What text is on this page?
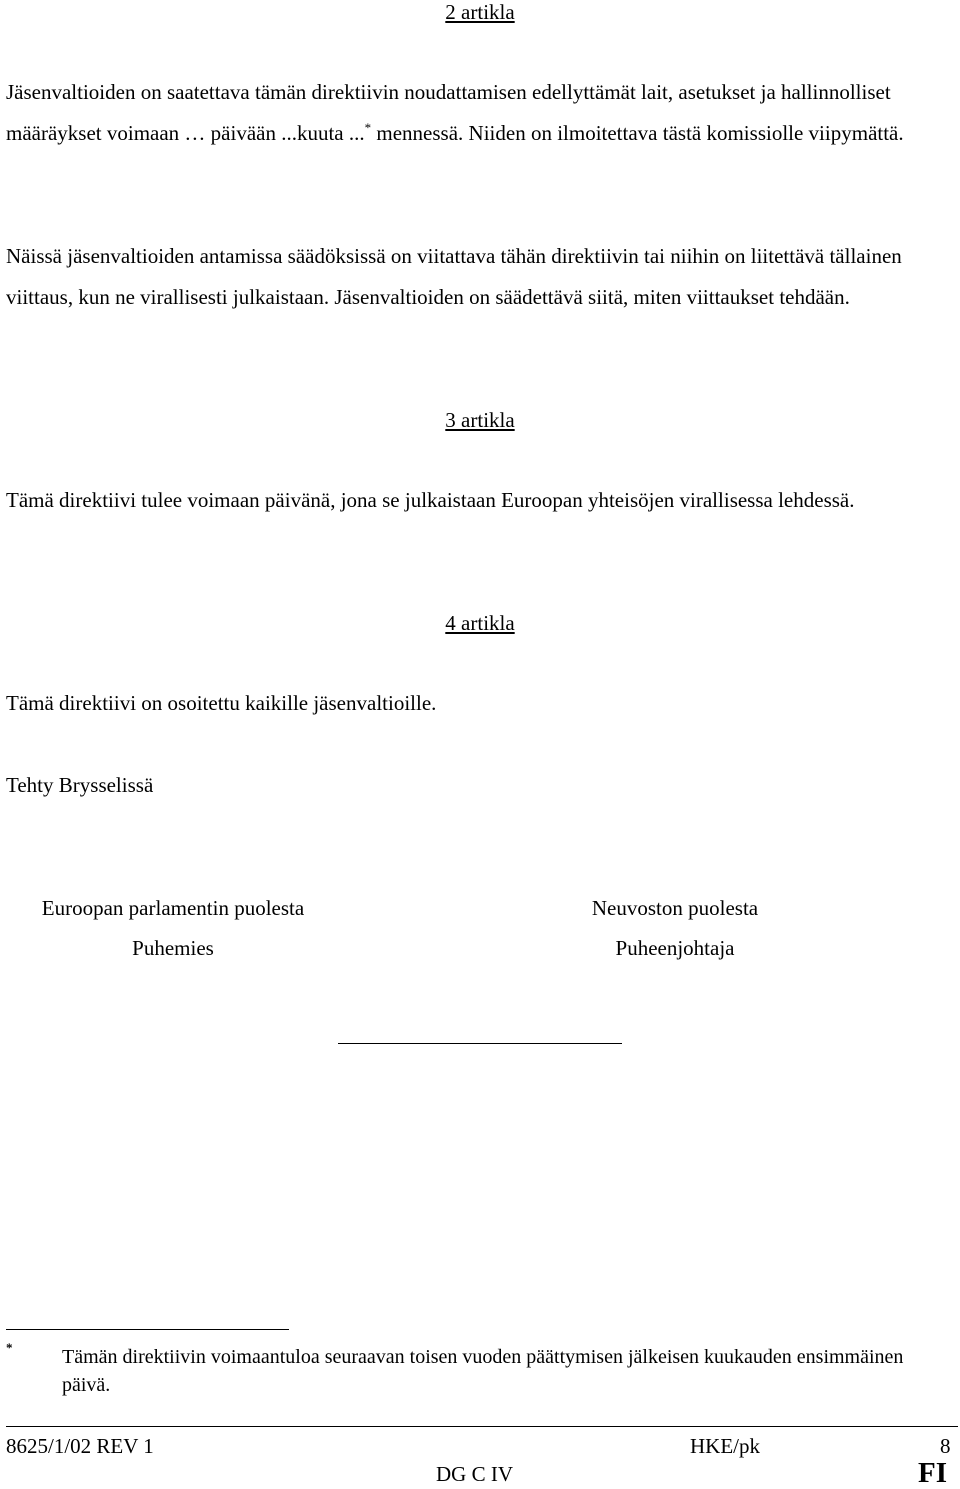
2 artikla
Jäsenvaltioiden on saatettava tämän direktiivin noudattamisen edellyttämät lait, asetukset ja hallinnolliset määräykset voimaan … päivään ...kuuta ...* mennessä. Niiden on ilmoitettava tästä komissiolle viipymättä.
Näissä jäsenvaltioiden antamissa säädöksissä on viitattava tähän direktiivin tai niihin on liitettävä tällainen viittaus, kun ne virallisesti julkaistaan. Jäsenvaltioiden on säädettävä siitä, miten viittaukset tehdään.
3 artikla
Tämä direktiivi tulee voimaan päivänä, jona se julkaistaan Euroopan yhteisöjen virallisessa lehdessä.
4 artikla
Tämä direktiivi on osoitettu kaikille jäsenvaltioille.
Tehty Brysselissä
Euroopan parlamentin puolesta
Puhemies
Neuvoston puolesta
Puheenjohtaja
* Tämän direktiivin voimaantuloa seuraavan toisen vuoden päättymisen jälkeisen kuukauden ensimmäinen päivä.
8625/1/02 REV 1	HKE/pk	8
DG C IV	FI
